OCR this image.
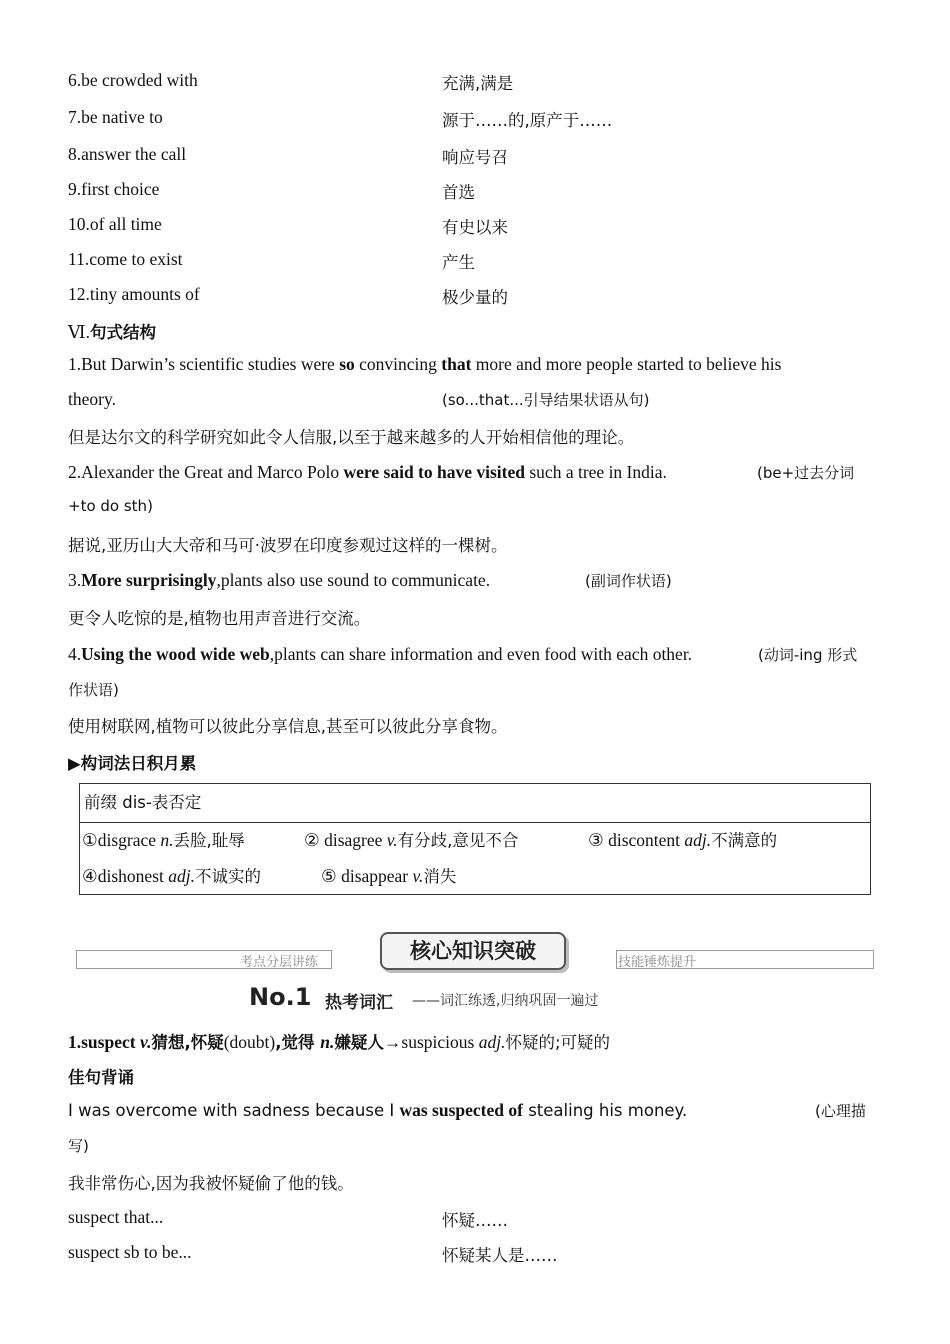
6.be crowded with	充满,满是
7.be native to	源于……的,原产于……
8.answer the call	响应号召
9.first choice	首选
10.of all time	有史以来
11.come to exist	产生
12.tiny amounts of	极少量的
Ⅵ.句式结构
1.But Darwin’s scientific studies were so convincing that more and more people started to believe his
theory.	(so...that...引导结果状语从句)
但是达尔文的科学研究如此令人信服,以至于越来越多的人开始相信他的理论。
2.Alexander the Great and Marco Polo were said to have visited such a tree in India.	(be+过去分词
+to do sth)
据说,亚历山大大帝和马可·波罗在印度参观过这样的一棵树。
3.More surprisingly,plants also use sound to communicate.	(副词作状语)
更令人吃惊的是,植物也用声音进行交流。
4.Using the wood wide web,plants can share information and even food with each other.	(动词-ing 形式
作状语)
使用树联网,植物可以彼此分享信息,甚至可以彼此分享食物。
▶构词法日积月累
前缀 dis-表否定
①disgrace n.丢脸,耻辱	② disagree v.有分歧,意见不合	③ discontent adj.不满意的
④dishonest adj.不诚实的	⑤ disappear v.消失
考点分层讲练	技能锤炼提升
核心知识突破
No.1 热考词汇 ——词汇练透,归纳巩固一遍过
1.suspect v.猜想,怀疑(doubt),觉得 n.嫌疑人→suspicious adj.怀疑的;可疑的
佳句背诵
I was overcome with sadness because I was suspected of stealing his money.	(心理描
写)
我非常伤心,因为我被怀疑偷了他的钱。
suspect that...	怀疑……
suspect sb to be...	怀疑某人是……
